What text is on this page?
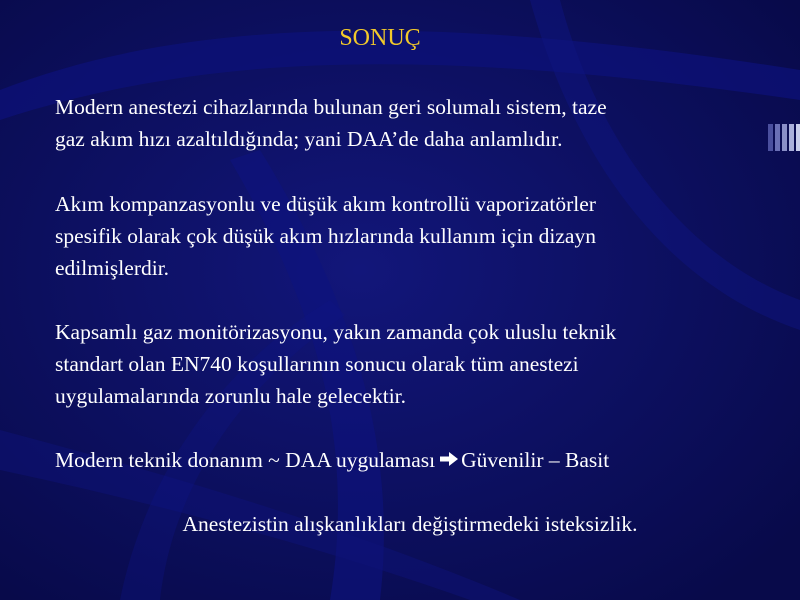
SONUÇ
Modern anestezi cihazlarında bulunan geri solumalı sistem, taze
gaz akım hızı azaltıldığında; yani DAA’de daha anlamlıdır.
Akım kompanzasyonlu ve düşük akım kontrollü vaporizatörler
spesifik olarak çok düşük akım hızlarında kullanım için dizayn
edilmişlerdir.
Kapsamlı gaz monitörizasyonu, yakın zamanda çok uluslu teknik
standart olan EN740 koşullarının sonucu olarak tüm anestezi
uygulamalarında zorunlu hale gelecektir.
Modern teknik donanım ~ DAA uygulaması Güvenilir – Basit
Anestezistin alışkanlıkları değiştirmedeki isteksizlik.
